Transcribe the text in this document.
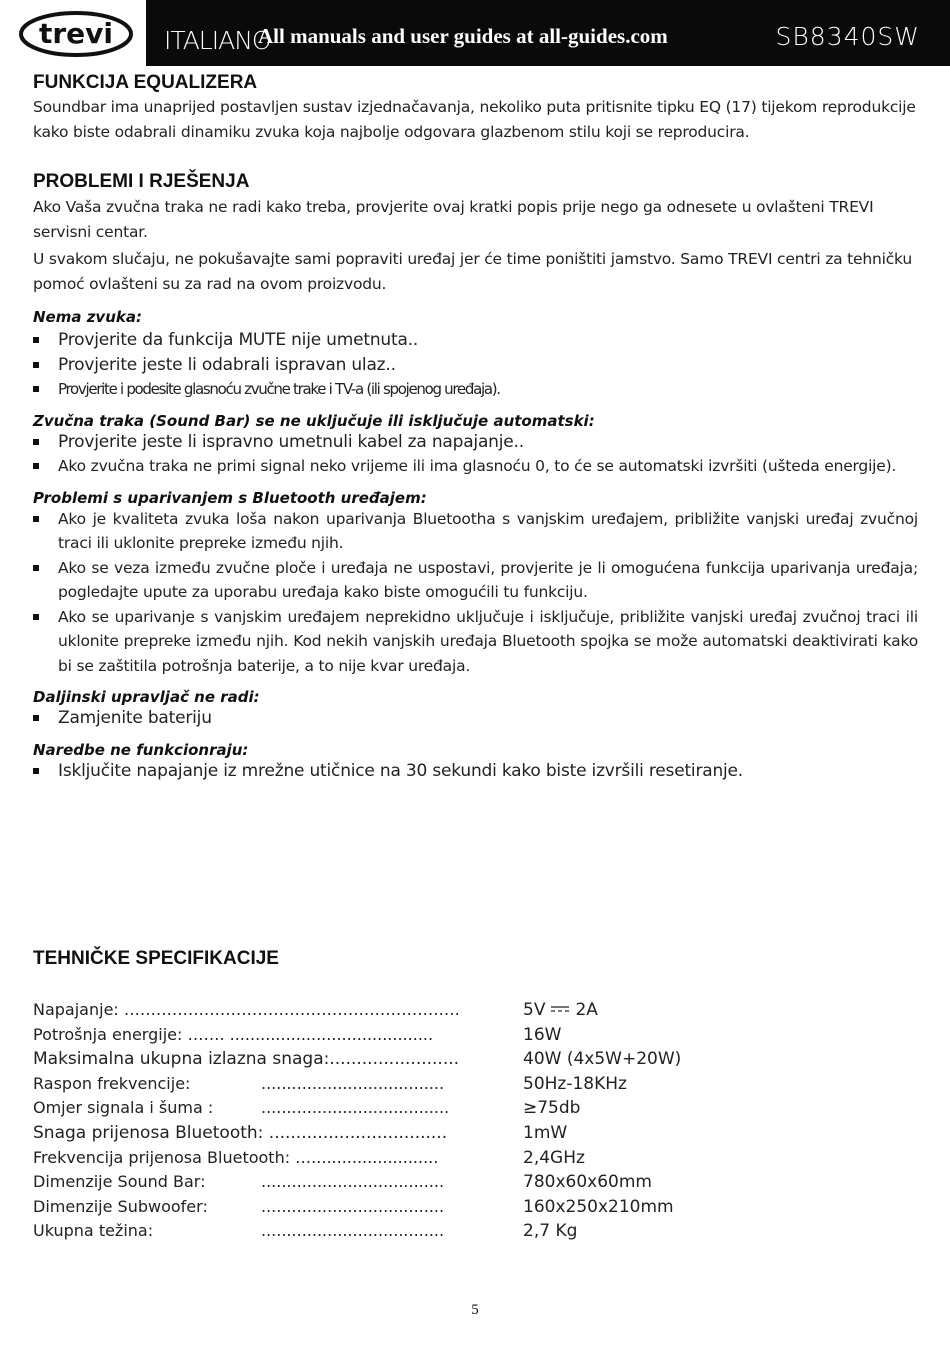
trevi ITALIANO
All manuals and user guides at all-guides.com	SB8340SW
FUNKCIJA EQUALIZERA

Soundbar ima unaprijed postavljen sustav izjednačavanja, nekoliko puta pritisnite tipku EQ (17) tijekom reprodukcije kako biste odabrali dinamiku zvuka koja najbolje odgovara glazbenom stilu koji se reproducira.

PROBLEMI I RJEŠENJA

Ako Vaša zvučna traka ne radi kako treba, provjerite ovaj kratki popis prije nego ga odnesete u ovlašteni TREVI servisni centar.

U svakom slučaju, ne pokušavajte sami popraviti uređaj jer će time poništiti jamstvo. Samo TREVI centri za tehničku pomoć ovlašteni su za rad na ovom proizvodu.

Nema zvuka:
Provjerite da funkcija MUTE nije umetnuta..
Provjerite jeste li odabrali ispravan ulaz..
Provjerite i podesite glasnoću zvučne trake i TV-a (ili spojenog uređaja).
Zvučna traka (Sound Bar) se ne uključuje ili isključuje automatski:
Provjerite jeste li ispravno umetnuli kabel za napajanje..
Ako zvučna traka ne primi signal neko vrijeme ili ima glasnoću 0, to će se automatski izvršiti (ušteda energije).
Problemi s uparivanjem s Bluetooth uređajem:
Ako je kvaliteta zvuka loša nakon uparivanja Bluetootha s vanjskim uređajem, približite vanjski uređaj zvučnoj traci ili uklonite prepreke između njih.
Ako se veza između zvučne ploče i uređaja ne uspostavi, provjerite je li omogućena funkcija uparivanja uređaja; pogledajte upute za uporabu uređaja kako biste omogućili tu funkciju.
Ako se uparivanje s vanjskim uređajem neprekidno uključuje i isključuje, približite vanjski uređaj zvučnoj traci ili uklonite prepreke između njih. Kod nekih vanjskih uređaja Bluetooth spojka se može automatski deaktivirati kako bi se zaštitila potrošnja baterije, a to nije kvar uređaja.
Daljinski upravljač ne radi:
Zamjenite bateriju
Naredbe ne funkcionraju:
Isključite napajanje iz mrežne utičnice na 30 sekundi kako biste izvršili resetiranje.
TEHNIČKE SPECIFIKACIJE
Napajanje: ………………………………………………………	5V 2A
Potrošnja energije: ……. ........................................	16W
Maksimalna ukupna izlazna snaga:........................	40W (4x5W+20W)
Raspon frekvencije:	....................................	50Hz-18KHz
Omjer signala i šuma :	.....................................	≥75db
Snaga prijenosa Bluetooth: .................................	1mW
Frekvencija prijenosa Bluetooth: ….........................	2,4GHz
Dimenzije Sound Bar:	....................................	780x60x60mm
Dimenzije Subwoofer:	....................................	160x250x210mm
Ukupna težina:	....................................	2,7 Kg
5
